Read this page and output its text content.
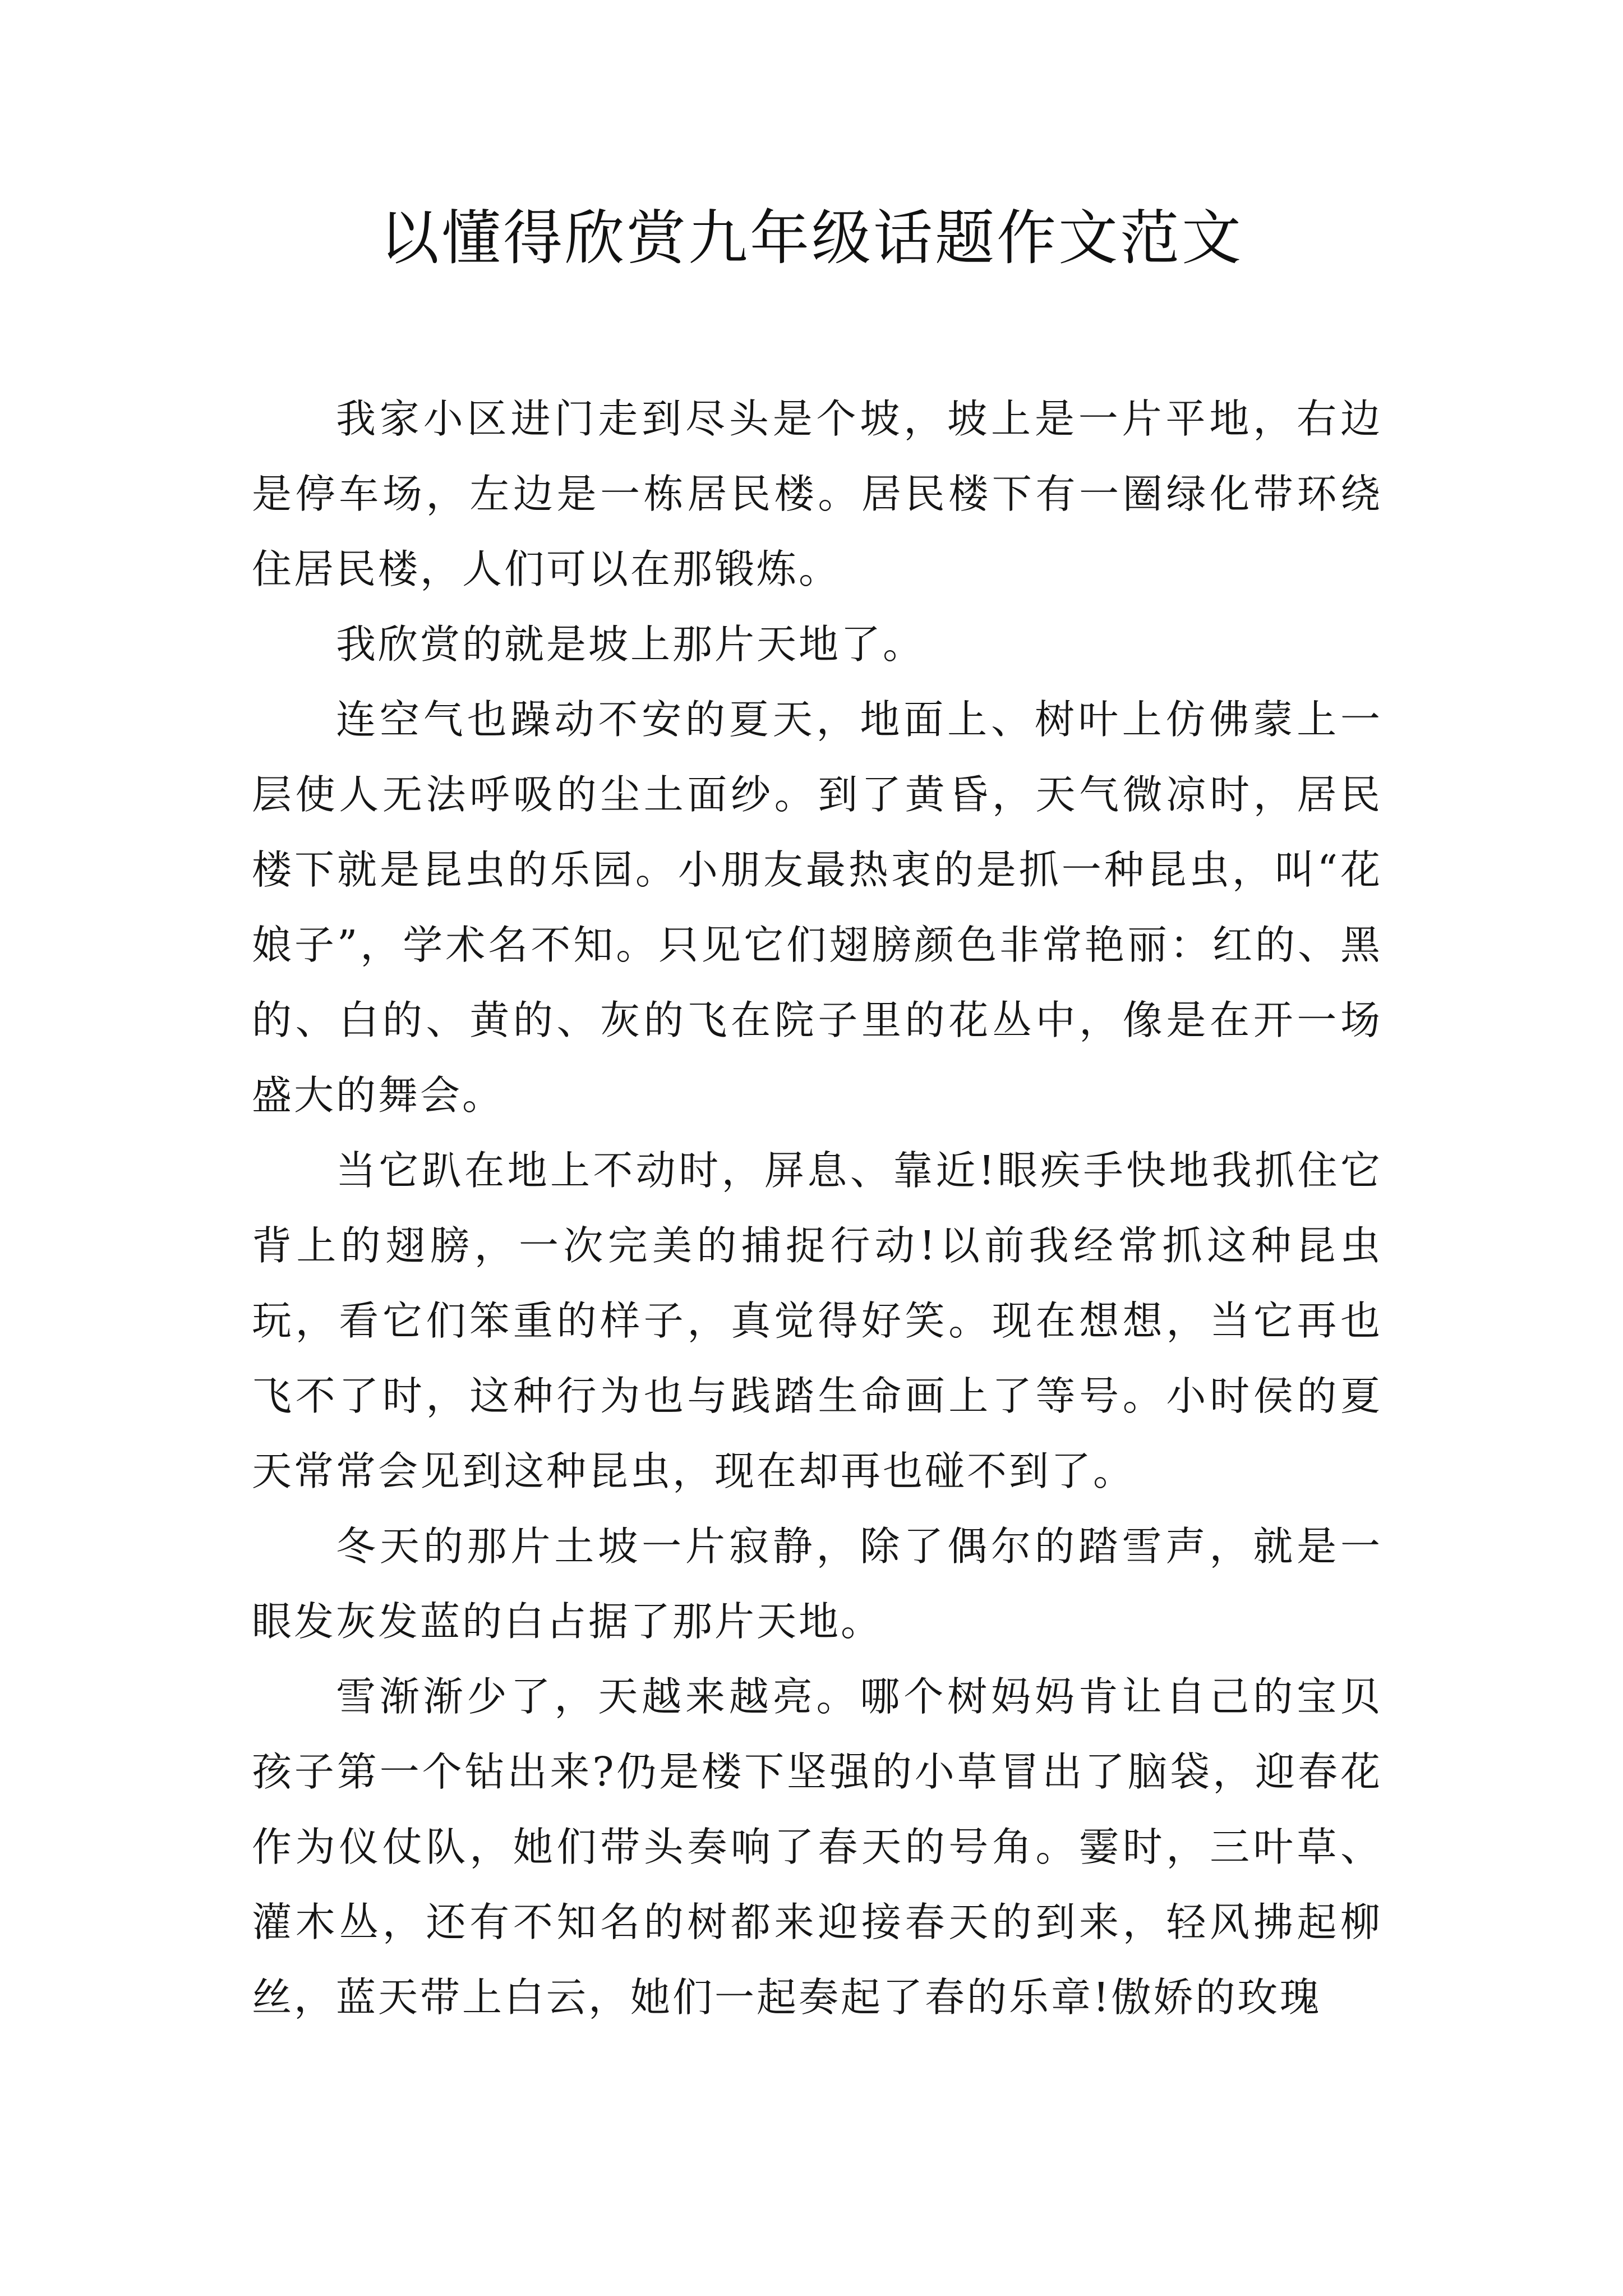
以懂得欣赏九年级话题作文范文

我家小区进门走到尽头是个坡，坡上是一片平地，右边是停车场，左边是一栋居民楼。居民楼下有一圈绿化带环绕住居民楼，人们可以在那锻炼。

我欣赏的就是坡上那片天地了。

连空气也躁动不安的夏天，地面上、树叶上仿佛蒙上一层使人无法呼吸的尘土面纱。到了黄昏，天气微凉时，居民楼下就是昆虫的乐园。小朋友最热衷的是抓一种昆虫，叫“花娘子”，学术名不知。只见它们翅膀颜色非常艳丽：红的、黑的、白的、黄的、灰的飞在院子里的花丛中，像是在开一场盛大的舞会。

当它趴在地上不动时，屏息、靠近!眼疾手快地我抓住它背上的翅膀，一次完美的捕捉行动!以前我经常抓这种昆虫玩，看它们笨重的样子，真觉得好笑。现在想想，当它再也飞不了时，这种行为也与践踏生命画上了等号。小时侯的夏天常常会见到这种昆虫，现在却再也碰不到了。

冬天的那片土坡一片寂静，除了偶尔的踏雪声，就是一眼发灰发蓝的白占据了那片天地。

雪渐渐少了，天越来越亮。哪个树妈妈肯让自己的宝贝孩子第一个钻出来?仍是楼下坚强的小草冒出了脑袋，迎春花作为仪仗队，她们带头奏响了春天的号角。霎时，三叶草、灌木丛，还有不知名的树都来迎接春天的到来，轻风拂起柳丝，蓝天带上白云，她们一起奏起了春的乐章!傲娇的玫瑰
